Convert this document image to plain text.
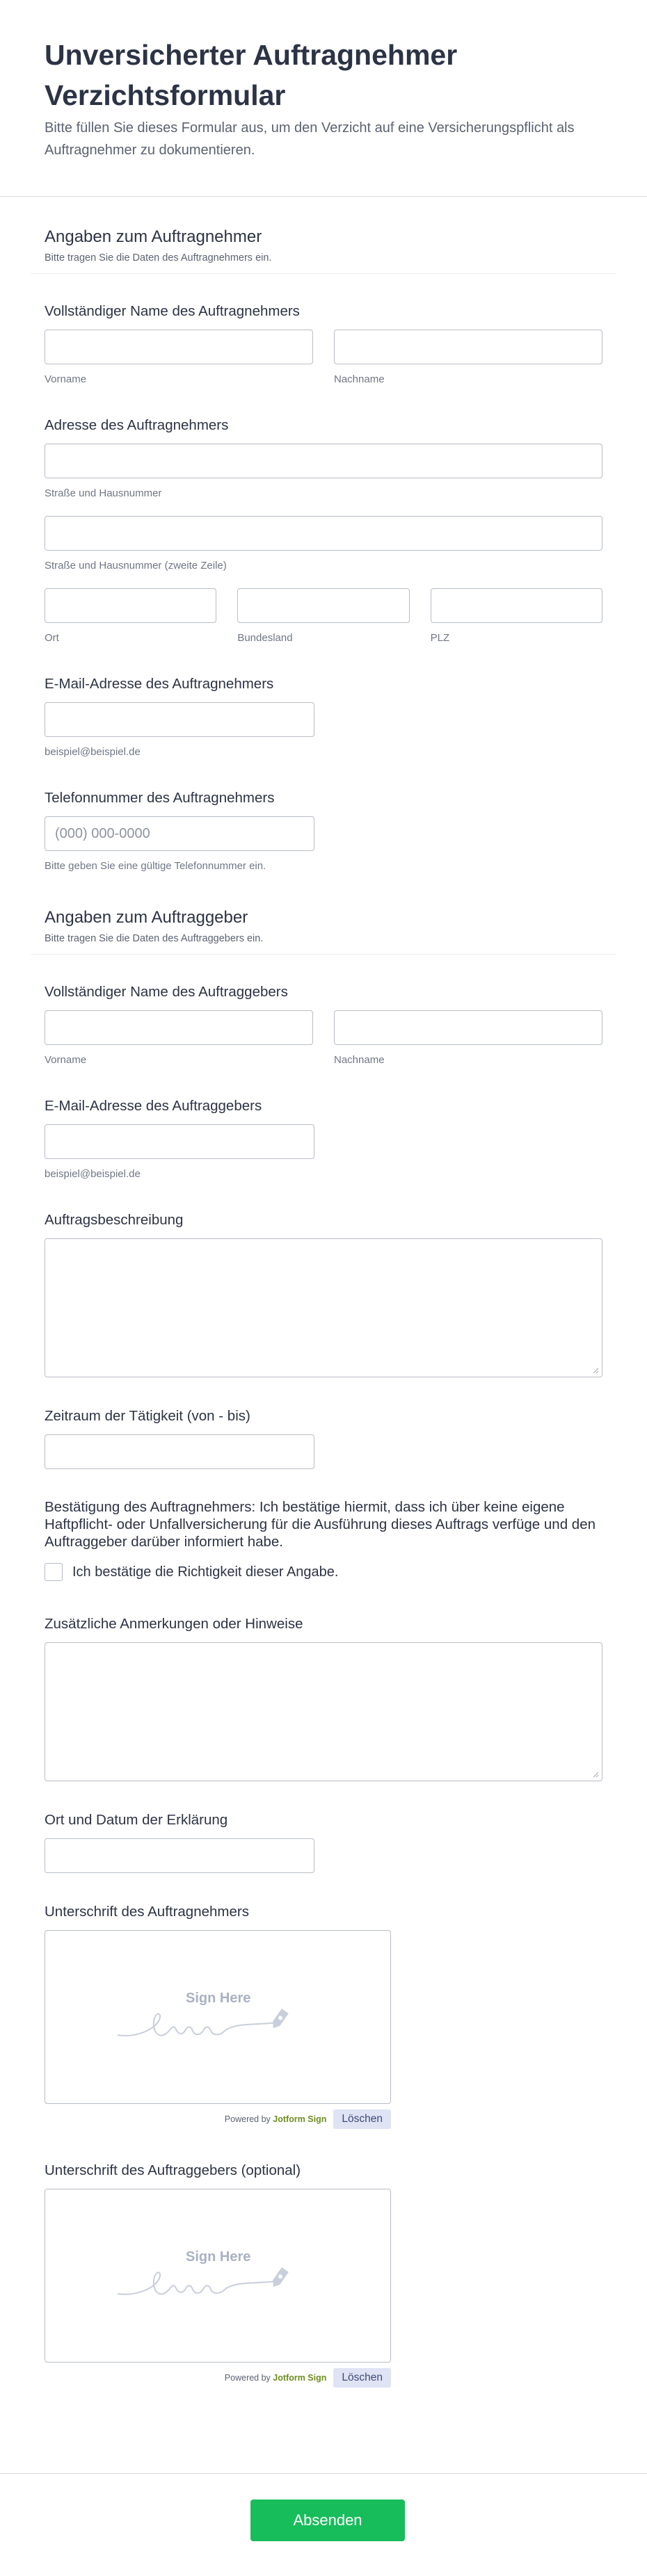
Unversicherter Auftragnehmer Verzichtsformular

Bitte füllen Sie dieses Formular aus, um den Verzicht auf eine Versicherungspflicht als Auftragnehmer zu dokumentieren.

Angaben zum Auftragnehmer

Bitte tragen Sie die Daten des Auftragnehmers ein.

Vollständiger Name des Auftragnehmers
Vorname	Nachname
Adresse des Auftragnehmers
Straße und Hausnummer
Straße und Hausnummer (zweite Zeile)
Ort	Bundesland	PLZ
E-Mail-Adresse des Auftragnehmers
beispiel@beispiel.de
Telefonnummer des Auftragnehmers
(000) 000-0000
Bitte geben Sie eine gültige Telefonnummer ein.
Angaben zum Auftraggeber

Bitte tragen Sie die Daten des Auftraggebers ein.

Vollständiger Name des Auftraggebers
Vorname	Nachname
E-Mail-Adresse des Auftraggebers
beispiel@beispiel.de
Auftragsbeschreibung
Zeitraum der Tätigkeit (von - bis)
Bestätigung des Auftragnehmers: Ich bestätige hiermit, dass ich über keine eigene Haftpflicht- oder Unfallversicherung für die Ausführung dieses Auftrags verfüge und den Auftraggeber darüber informiert habe.
Ich bestätige die Richtigkeit dieser Angabe.
Zusätzliche Anmerkungen oder Hinweise
Ort und Datum der Erklärung
Unterschrift des Auftragnehmers
Sign Here
Powered by Jotform Sign	Löschen
Unterschrift des Auftraggebers (optional)
Sign Here
Powered by Jotform Sign	Löschen
Absenden
